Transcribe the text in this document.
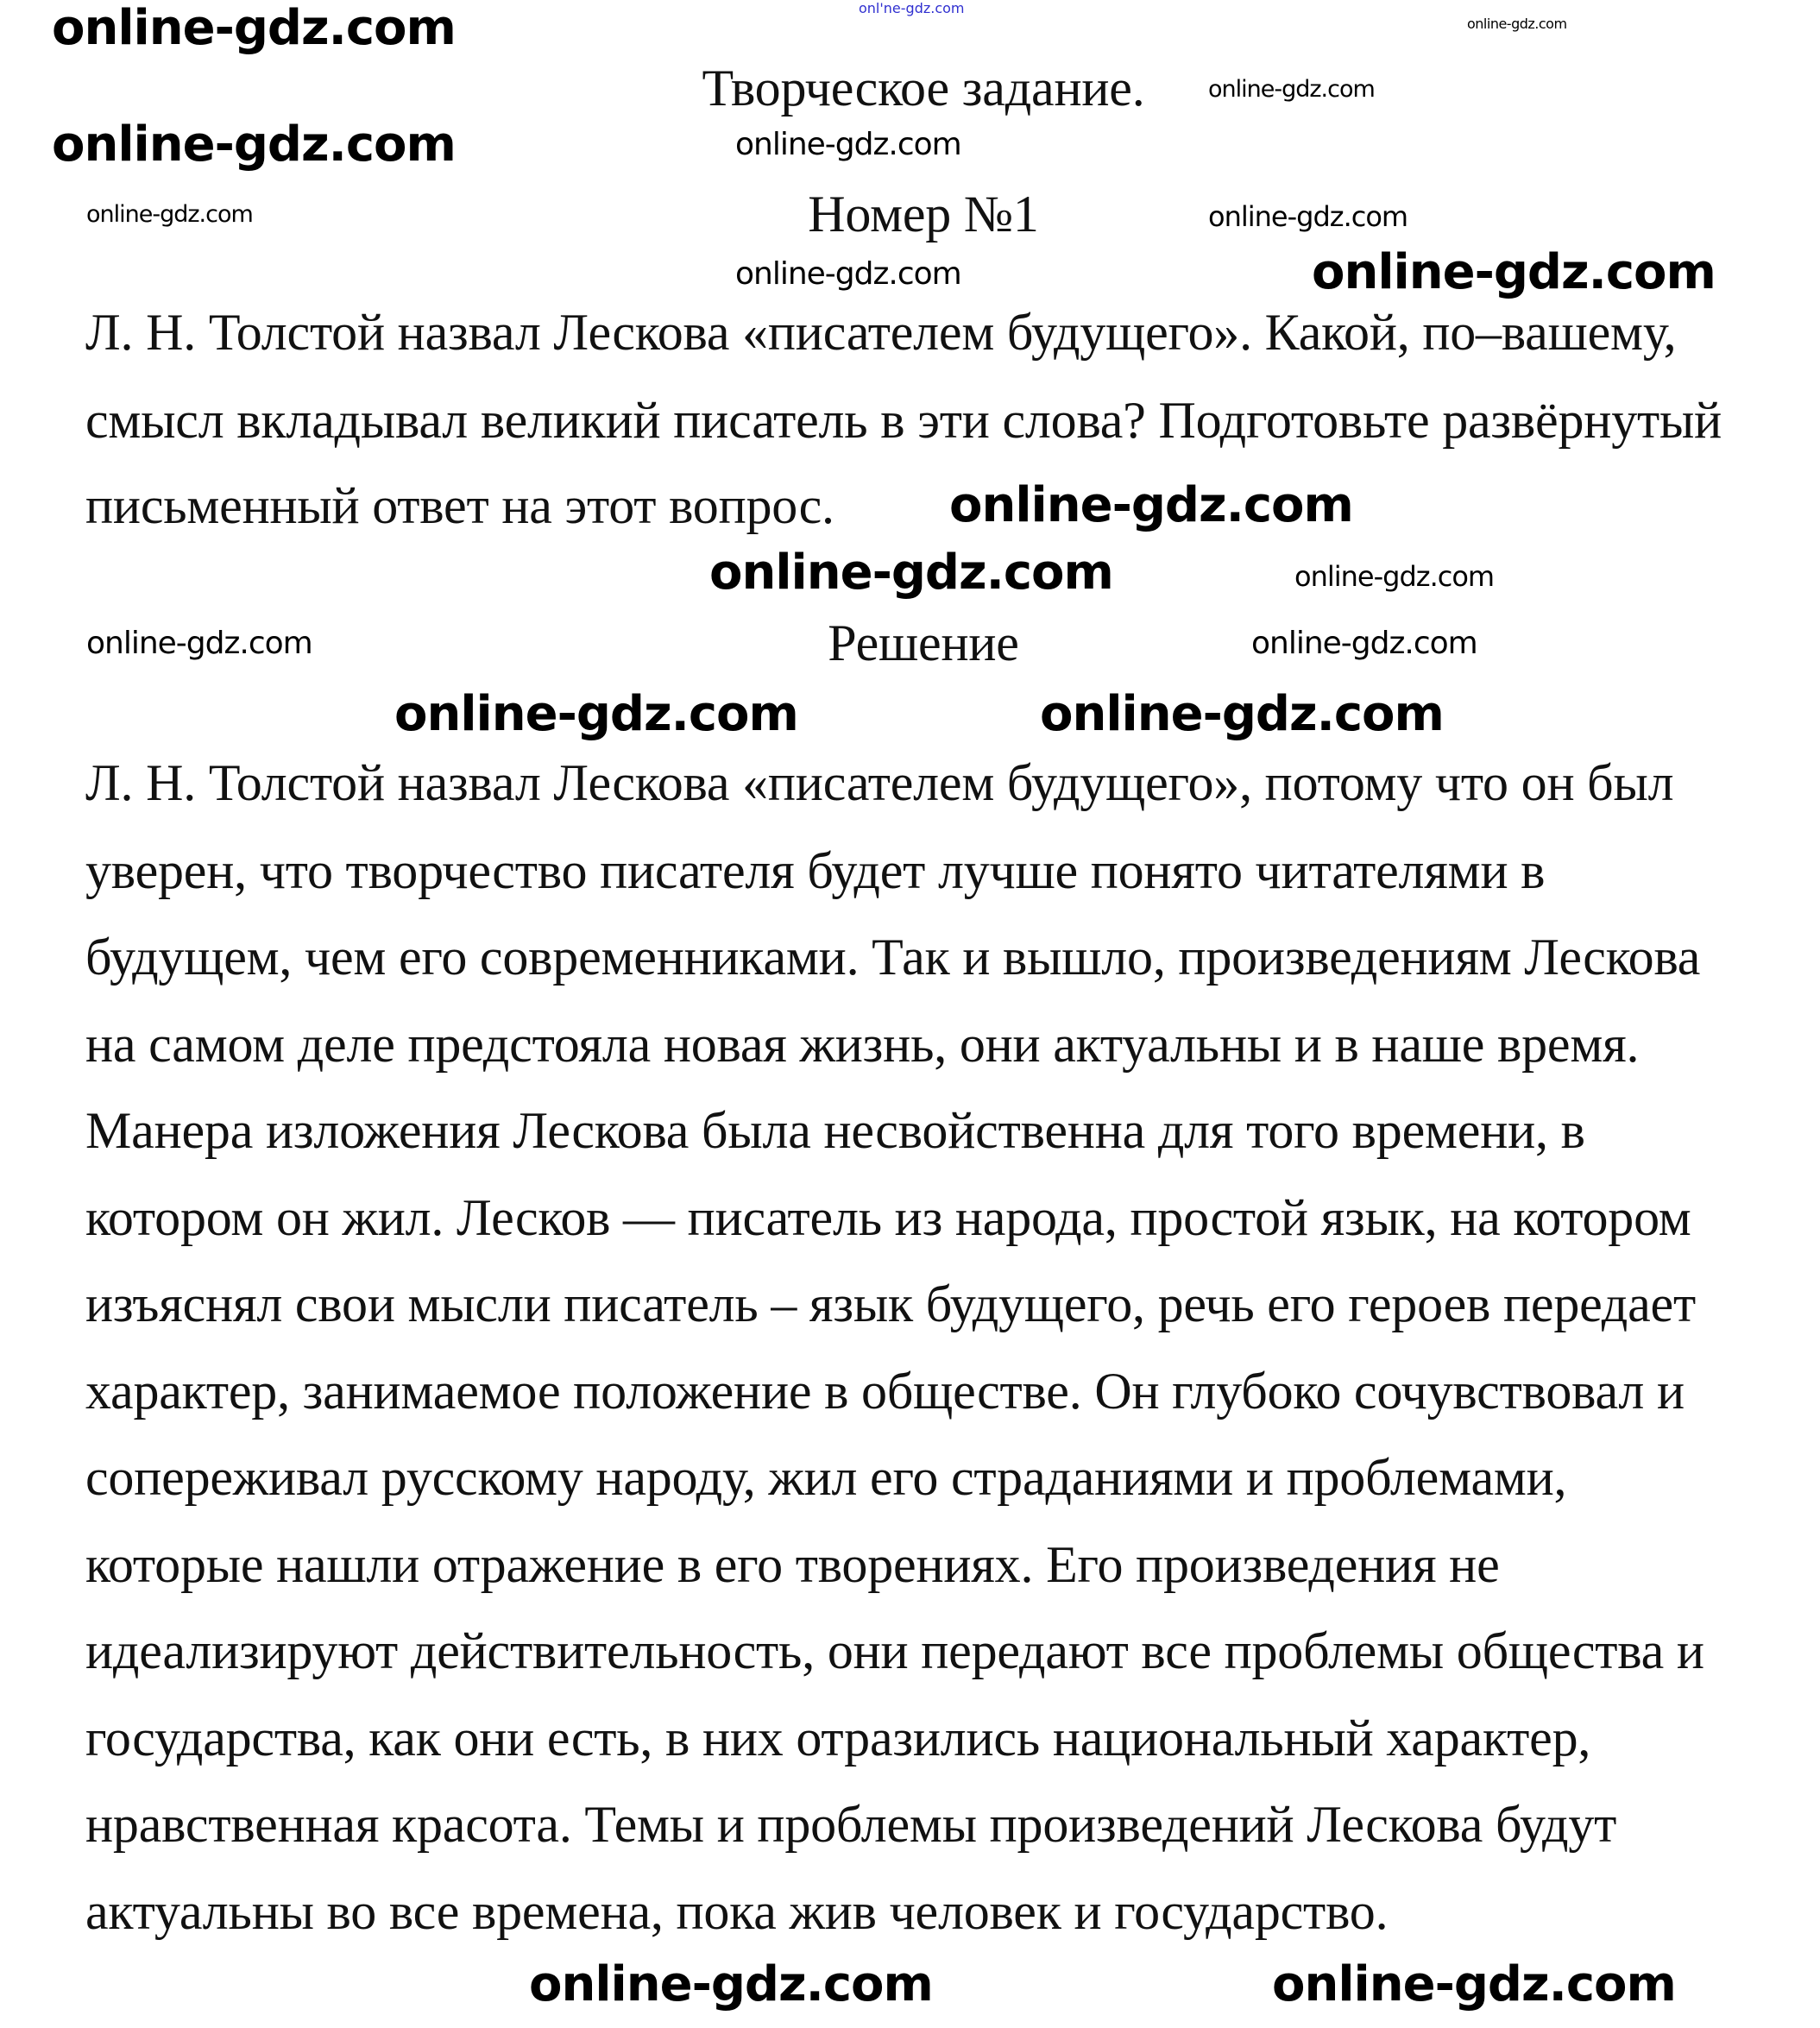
onl'ne-gdz.com
Творческое задание.
Номер №1
Л. Н. Толстой назвал Лескова «писателем будущего». Какой, по–вашему,
смысл вкладывал великий писатель в эти слова? Подготовьте развёрнутый
письменный ответ на этот вопрос.
Решение
Л. Н. Толстой назвал Лескова «писателем будущего», потому что он был
уверен, что творчество писателя будет лучше понято читателями в
будущем, чем его современниками. Так и вышло, произведениям Лескова
на самом деле предстояла новая жизнь, они актуальны и в наше время.
Манера изложения Лескова была несвойственна для того времени, в
котором он жил. Лесков — писатель из народа, простой язык, на котором
изъяснял свои мысли писатель – язык будущего, речь его героев передает
характер, занимаемое положение в обществе. Он глубоко сочувствовал и
сопереживал русскому народу, жил его страданиями и проблемами,
которые нашли отражение в его творениях. Его произведения не
идеализируют действительность, они передают все проблемы общества и
государства, как они есть, в них отразились национальный характер,
нравственная красота. Темы и проблемы произведений Лескова будут
актуальны во все времена, пока жив человек и государство.
online-gdz.com	online-gdz.com
online-gdz.com	online-gdz.com
online-gdz.com
online-gdz.com	online-gdz.com
online-gdz.com	online-gdz.com
online-gdz.com
online-gdz.com	online-gdz.com
online-gdz.com	online-gdz.com
online-gdz.com	online-gdz.com
online-gdz.com	online-gdz.com
